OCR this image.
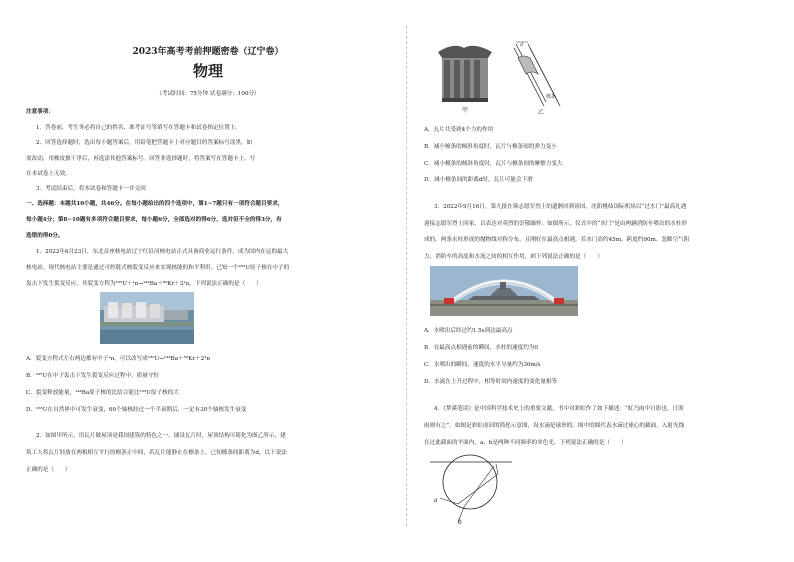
2023年高考考前押题密卷（辽宁卷）
物理
（考试时间：75分钟 试卷满分：100分）
注意事项：
1．答卷前，考生务必将自己的姓名、准考证号等填写在答题卡和试卷指定位置上。
2．回答选择题时，选出每小题答案后，用铅笔把答题卡上对应题目的答案标号涂黑。如
需改动，用橡皮擦干净后，再选涂其他答案标号。回答非选择题时，将答案写在答题卡上。写
在本试卷上无效。
3．考试结束后，将本试卷和答题卡一并交回
一、选择题：本题共10小题，共46分。在每小题给出的四个选项中，第1~7题只有一项符合题目要求，
每小题4分；第8~10题有多项符合题目要求，每小题6分，全部选对的得6分，选对但不全的得3分，有
选错的得0分。
1．2022年6月23日，东北首座核电站辽宁红沿河核电站正式具备商业运行条件，成为国内在运的最大
核电站。现代核电站主要是通过可控链式核裂变反应来实现核能的和平利用。已知一个²³⁵U原子核在中子的
轰击下发生裂变反应，其裂变方程为²³⁵U＋¹n→¹⁴⁴Ba＋⁸⁹Kr＋3¹n，下列说法正确的是（　　）
A．裂变方程式左右两边都有中子¹n，可以改写成²³⁵U→¹⁴⁴Ba＋⁸⁹Kr＋2¹n
B．²³⁵U在中子轰击下发生裂变反应过程中，质量守恒
C．裂变释放能量，¹⁴⁴Ba原子核的比结合能比²³⁵U原子核的大
D．²³⁵U在自然界中可发生衰变，60个铀核经过一个半衰期后，一定有30个铀核发生衰变
2．如图甲所示，用瓦片做屋顶是我国建筑的特色之一。铺设瓦片时，屋顶结构可简化为图乙所示，建
筑工人将瓦片轻放在两根相互平行的檩条正中间，若瓦片能静止在檩条上。已知檩条间距离为d，以下说法
正确的是（　　）
甲
d
檩条
乙
A．瓦片共受到4个力的作用
B．减小檩条的倾斜角度时，瓦片与檩条间的弹力变小
C．减小檩条的倾斜角度时，瓦片与檩条间的摩擦力变大
D．减小檩条间的距离d时，瓦片可能会下滑
3．2022年9月16日，第九批在韩志愿军烈士的遗骸回到祖国，沈阳桃仙国际机场以“过水门”最高礼遇
迎接志愿军烈士回家，以表达对英烈的崇敬缅怀。如图所示，仪式中的“水门”是由两辆消防车喷出的水柱形
成的。两条水柱形成的抛物线对称分布，且刚好在最高点相遇。若水门高约45m，跨度约90m。忽略空气阻
力、消防车的高度和水流之间的相互作用，则下列说法正确的是（　　）
A．水喷出后经过约1.5s到达最高点
B．在最高点相遇前的瞬间，水柱的速度约为0
C．水喷出的瞬间，速度的水平分量约为30m/s
D．水流在上升过程中，相等时间内速度的变化量相等
4．《梦溪笔谈》是中国科学技术史上的重要文献，书中对彩虹作了如下描述：“虹乃雨中日影也，日照
雨则有之”。如图是彩虹成因的简化示意图，设水滴是球形的，图中的圆代表水滴过球心的截面，入射光线
在过此截面的平面内，a、b是两种不同频率的单色光。下列说法正确的是（　　）
a
b
